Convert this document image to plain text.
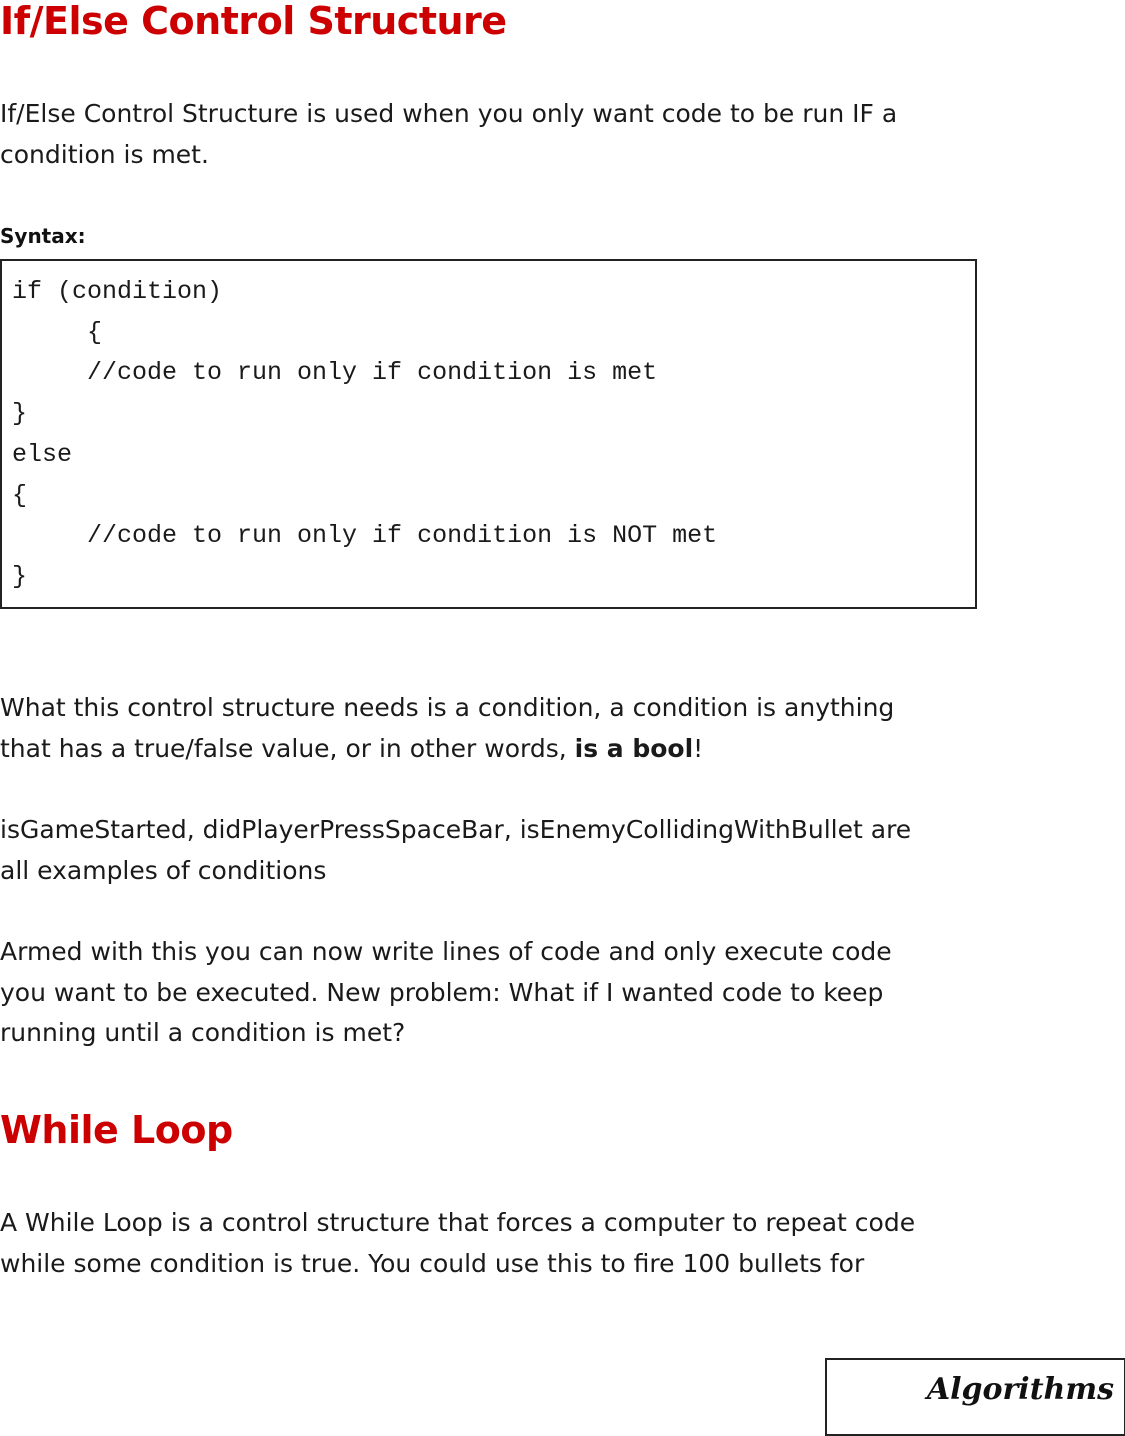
If/Else Control Structure

If/Else Control Structure is used when you only want code to be run IF a
condition is met.

Syntax:
if (condition)
{
//code to run only if condition is met
}
else
{
//code to run only if condition is NOT met
}

What this control structure needs is a condition, a condition is anything
that has a true/false value, or in other words, is a bool!

isGameStarted, didPlayerPressSpaceBar, isEnemyCollidingWithBullet are
all examples of conditions

Armed with this you can now write lines of code and only execute code
you want to be executed. New problem: What if I wanted code to keep
running until a condition is met?

While Loop

A While Loop is a control structure that forces a computer to repeat code
while some condition is true. You could use this to fire 100 bullets for

Algorithms
